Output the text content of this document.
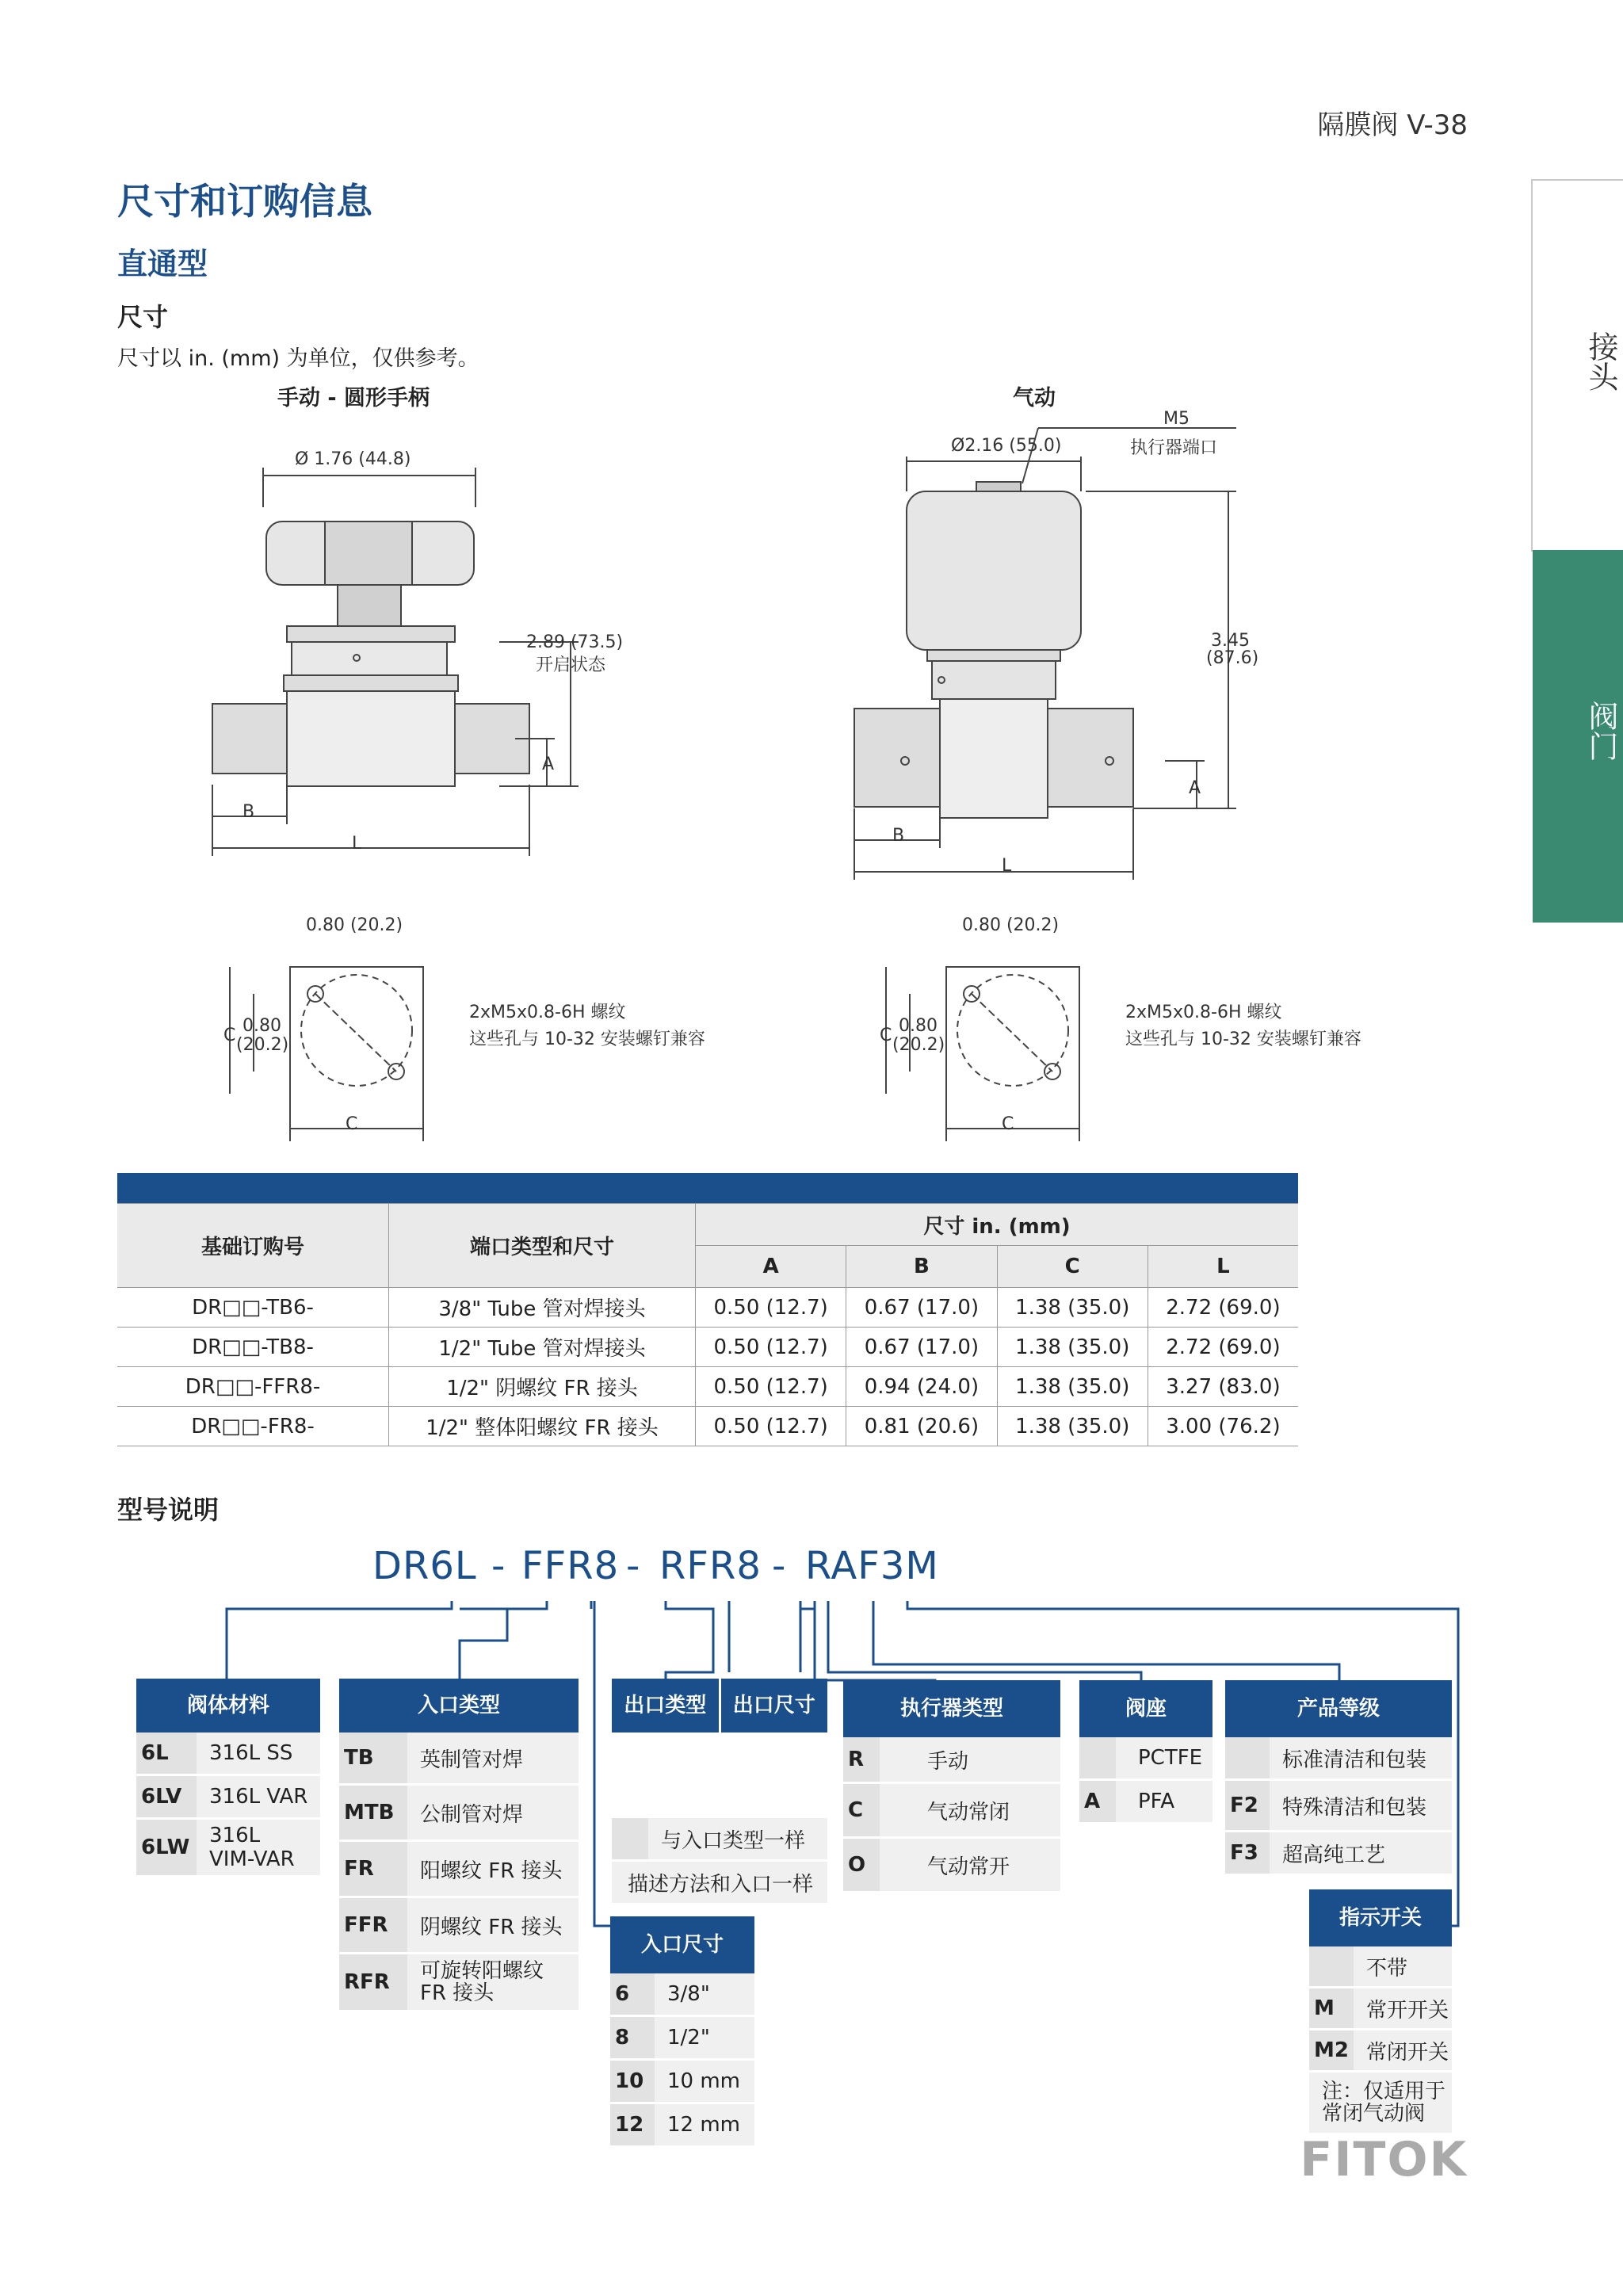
隔膜阀 V-38
接头
阀门
尺寸和订购信息
直通型
尺寸
尺寸以 in. (mm) 为单位，仅供参考。
手动 - 圆形手柄
Ø 1.76 (44.8)
2.89 (73.5)
开启状态
A
B
L
0.80 (20.2)
0.80
(20.2)
C
C
2xM5x0.8-6H 螺纹
这些孔与 10-32 安装螺钉兼容
气动
M5
执行器端口
Ø2.16 (55.0)
3.45
(87.6)
A
B
L
0.80 (20.2)
0.80
(20.2)
C
C
2xM5x0.8-6H 螺纹
这些孔与 10-32 安装螺钉兼容

基础订购号	端口类型和尺寸	尺寸 in. (mm)			
		A	B	C	L
DR□□-TB6-	3/8" Tube 管对焊接头	0.50 (12.7)	0.67 (17.0)	1.38 (35.0)	2.72 (69.0)
DR□□-TB8-	1/2" Tube 管对焊接头	0.50 (12.7)	0.67 (17.0)	1.38 (35.0)	2.72 (69.0)
DR□□-FFR8-	1/2" 阴螺纹 FR 接头	0.50 (12.7)	0.94 (24.0)	1.38 (35.0)	3.27 (83.0)
DR□□-FR8-	1/2" 整体阳螺纹 FR 接头	0.50 (12.7)	0.81 (20.6)	1.38 (35.0)	3.00 (76.2)
型号说明
DR6L - FFR8 - RFR8 - RAF3M
阀体材料
6L	316L SS
6LV	316L VAR
6LW 316L
VIM-VAR
入口类型
TB	英制管对焊
MTB	公制管对焊
FR	阳螺纹 FR 接头
FFR	阴螺纹 FR 接头
RFR	可旋转阳螺纹
FR 接头
出口类型	出口尺寸
与入口类型一样
描述方法和入口一样
入口尺寸
6	3/8"
8	1/2"
10	10 mm
12	12 mm
执行器类型
R	手动
C	气动常闭
O	气动常开
阀座
PCTFE
A	PFA
产品等级
标准清洁和包装
F2	特殊清洁和包装
F3	超高纯工艺
指示开关
不带
M	常开开关
M2 常闭开关
注：仅适用于
常闭气动阀
FITOK
